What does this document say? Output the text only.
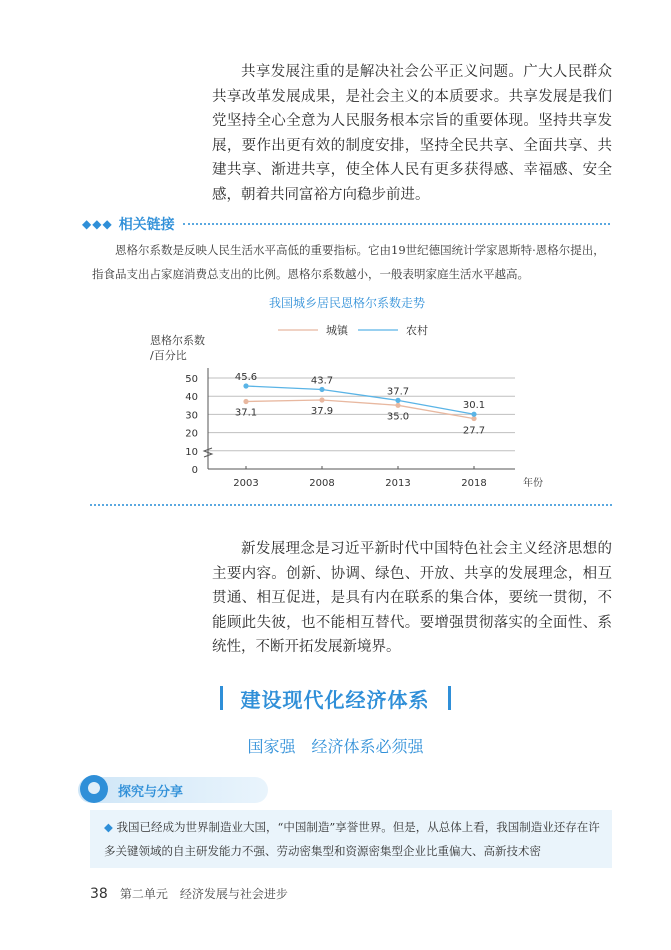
共享发展注重的是解决社会公平正义问题。广大人民群众共享改革发展成果，是社会主义的本质要求。共享发展是我们党坚持全心全意为人民服务根本宗旨的重要体现。坚持共享发展，要作出更有效的制度安排，坚持全民共享、全面共享、共建共享、渐进共享，使全体人民有更多获得感、幸福感、安全感，朝着共同富裕方向稳步前进。

◆◆◆ 相关链接

恩格尔系数是反映人民生活水平高低的重要指标。它由19世纪德国统计学家恩斯特·恩格尔提出，指食品支出占家庭消费总支出的比例。恩格尔系数越小，一般表明家庭生活水平越高。

我国城乡居民恩格尔系数走势
城镇	农村
恩格尔系数
/百分比
0
10
20
30
40
50
2003	2008	2013	2018	年份
37.1	37.9	35.0
27.7
45.6	43.7
37.7
30.1

新发展理念是习近平新时代中国特色社会主义经济思想的主要内容。创新、协调、绿色、开放、共享的发展理念，相互贯通、相互促进，是具有内在联系的集合体，要统一贯彻，不能顾此失彼，也不能相互替代。要增强贯彻落实的全面性、系统性，不断开拓发展新境界。

建设现代化经济体系
国家强　经济体系必须强
探究与分享

◆ 我国已经成为世界制造业大国，“中国制造”享誉世界。但是，从总体上看，我国制造业还存在许多关键领域的自主研发能力不强、劳动密集型和资源密集型企业比重偏大、高新技术密

38 第二单元　经济发展与社会进步
